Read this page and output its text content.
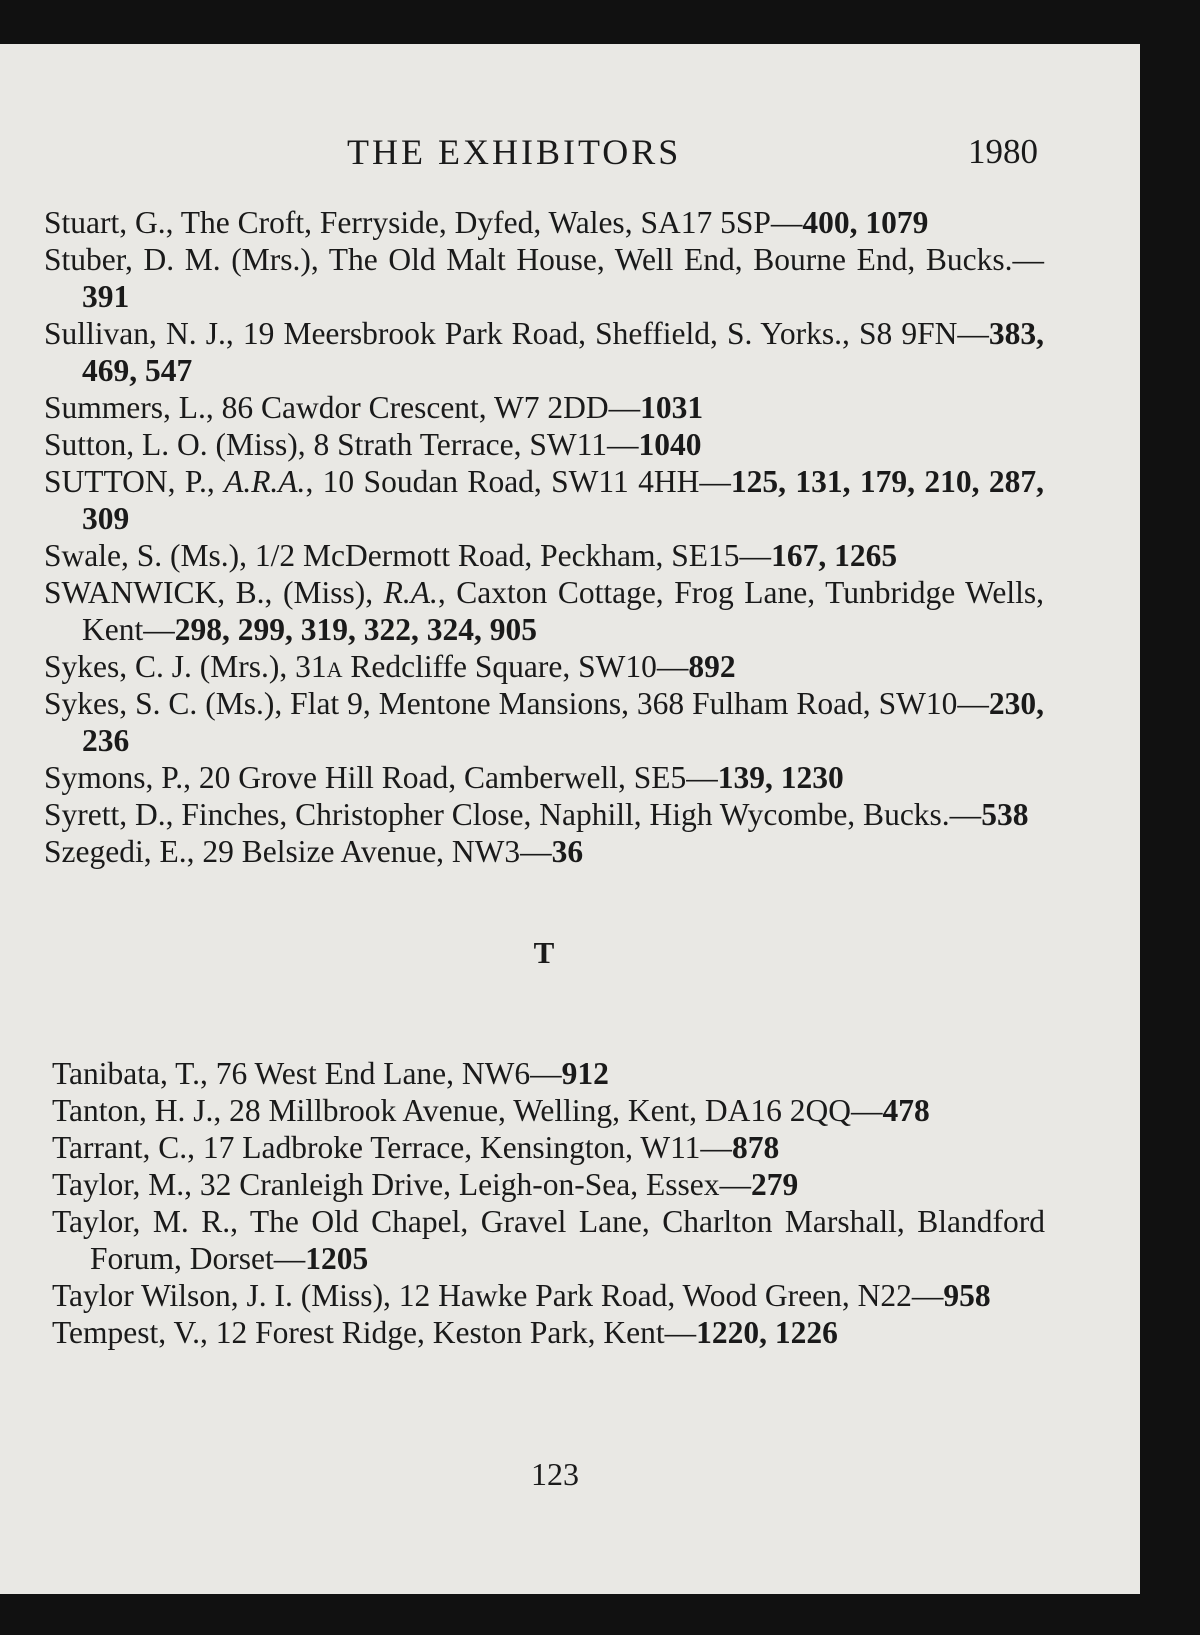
THE EXHIBITORS	1980
Stuart, G., The Croft, Ferryside, Dyfed, Wales, SA17 5SP—400, 1079
Stuber, D. M. (Mrs.), The Old Malt House, Well End, Bourne End, Bucks.—391
Sullivan, N. J., 19 Meersbrook Park Road, Sheffield, S. Yorks., S8 9FN—383, 469, 547
Summers, L., 86 Cawdor Crescent, W7 2DD—1031
Sutton, L. O. (Miss), 8 Strath Terrace, SW11—1040
SUTTON, P., A.R.A., 10 Soudan Road, SW11 4HH—125, 131, 179, 210, 287, 309
Swale, S. (Ms.), 1/2 McDermott Road, Peckham, SE15—167, 1265
SWANWICK, B., (Miss), R.A., Caxton Cottage, Frog Lane, Tunbridge Wells, Kent—298, 299, 319, 322, 324, 905
Sykes, C. J. (Mrs.), 31a Redcliffe Square, SW10—892
Sykes, S. C. (Ms.), Flat 9, Mentone Mansions, 368 Fulham Road, SW10—230, 236
Symons, P., 20 Grove Hill Road, Camberwell, SE5—139, 1230
Syrett, D., Finches, Christopher Close, Naphill, High Wycombe, Bucks.—538
Szegedi, E., 29 Belsize Avenue, NW3—36
T
Tanibata, T., 76 West End Lane, NW6—912
Tanton, H. J., 28 Millbrook Avenue, Welling, Kent, DA16 2QQ—478
Tarrant, C., 17 Ladbroke Terrace, Kensington, W11—878
Taylor, M., 32 Cranleigh Drive, Leigh-on-Sea, Essex—279
Taylor, M. R., The Old Chapel, Gravel Lane, Charlton Marshall, Blandford Forum, Dorset—1205
Taylor Wilson, J. I. (Miss), 12 Hawke Park Road, Wood Green, N22—958
Tempest, V., 12 Forest Ridge, Keston Park, Kent—1220, 1226
123
